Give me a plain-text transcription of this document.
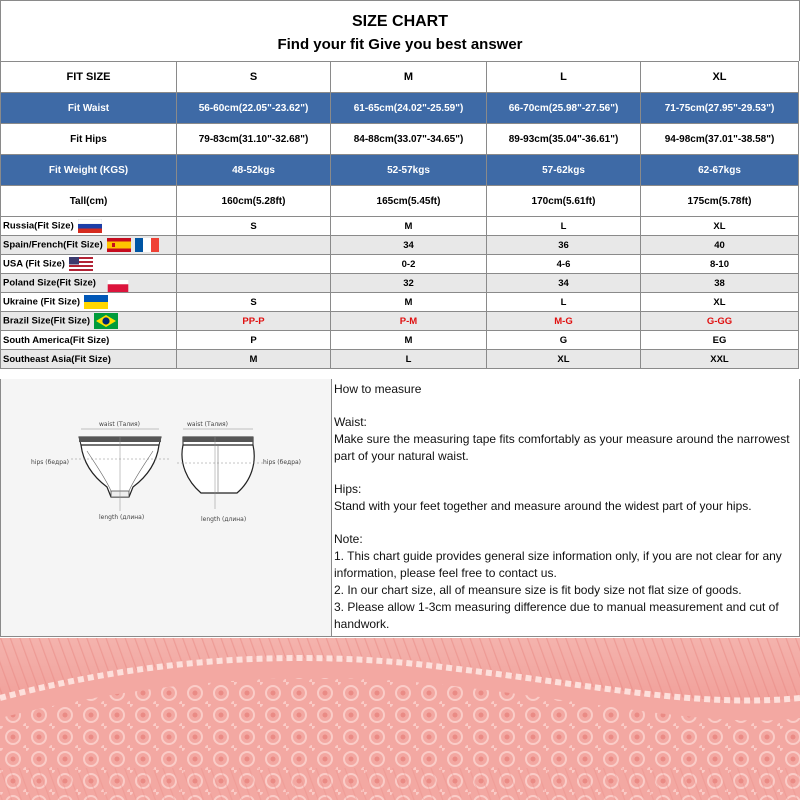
SIZE CHART
Find your fit Give you best answer
FIT SIZE	S	M	L	XL
Fit Waist	56-60cm(22.05"-23.62")	61-65cm(24.02"-25.59")	66-70cm(25.98"-27.56")	71-75cm(27.95"-29.53")
Fit Hips	79-83cm(31.10"-32.68")	84-88cm(33.07"-34.65")	89-93cm(35.04"-36.61")	94-98cm(37.01"-38.58")
Fit Weight (KGS)	48-52kgs	52-57kgs	57-62kgs	62-67kgs
Tall(cm)	160cm(5.28ft)	165cm(5.45ft)	170cm(5.61ft)	175cm(5.78ft)
Russia(Fit Size)	S	M	L	XL
Spain/French(Fit Size)		34	36	40
USA (Fit Size)		0-2	4-6	8-10
Poland Size(Fit Size)		32	34	38
Ukraine (Fit Size)	S	M	L	XL
Brazil Size(Fit Size)	PP-P	P-M	M-G	G-GG
South America(Fit Size)	P	M	G	EG
Southeast Asia(Fit Size)	M	L	XL	XXL
waist (Талия)	waist (Талия)
hips (бедра)	hips (бедра)
length (длина)	length (длина)

How to measure

Waist:

Make sure the measuring tape fits comfortably as your measure around the narrowest part of your natural waist.

Hips:

Stand with your feet together and measure around the widest part of your hips.

Note:

1. This chart guide provides general size information only, if you are not clear for any information, please feel free to contact us.

2. In our chart size, all of meansure size is fit body size not flat size of goods.

3. Please allow 1-3cm measuring difference due to manual measurement and cut of handwork.
